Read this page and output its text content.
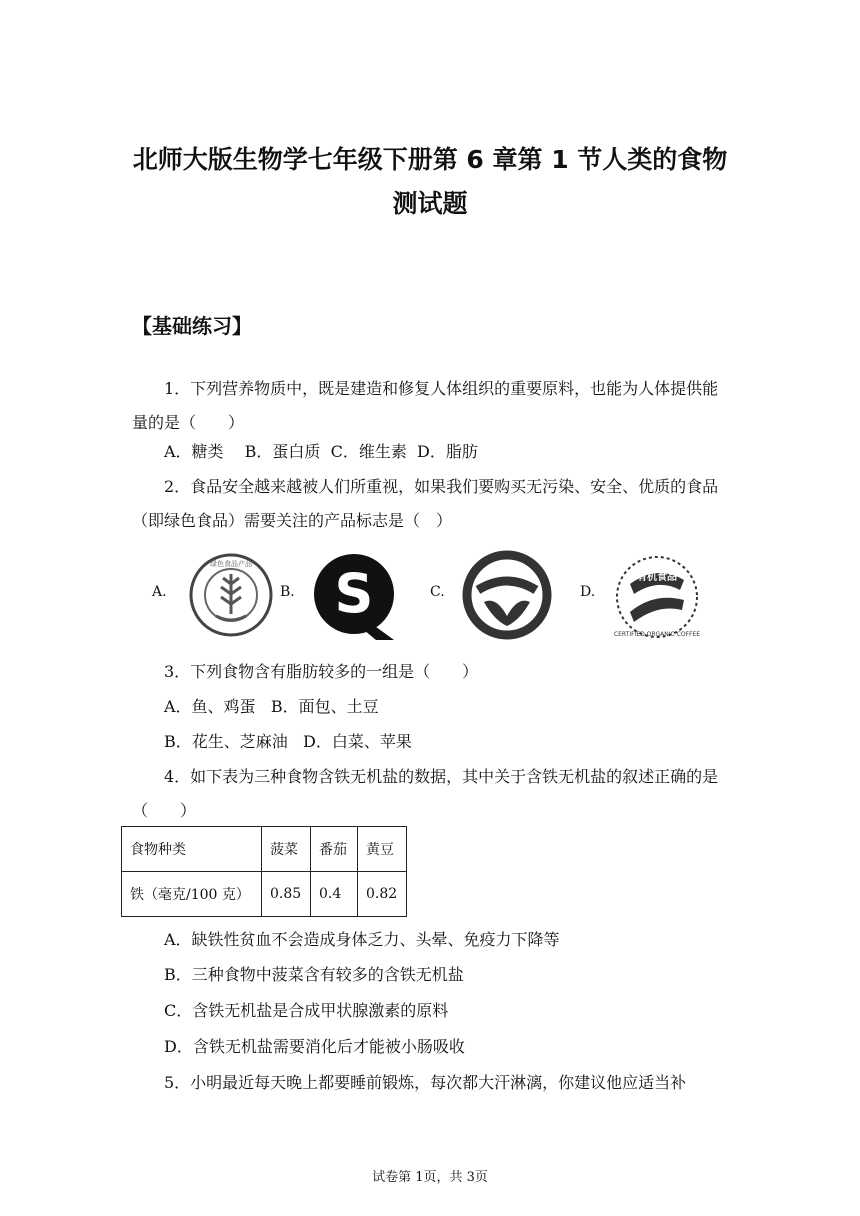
北师大版生物学七年级下册第 6 章第 1 节人类的食物
测试题
【基础练习】
1．下列营养物质中，既是建造和修复人体组织的重要原料，也能为人体提供能量的是（　　）
A．糖类　 B．蛋白质  C．维生素  D．脂肪
2．食品安全越来越被人们所重视，如果我们要购买无污染、安全、优质的食品（即绿色食品）需要关注的产品标志是（　）
A.
绿色食品产品
B. S	C.	D.
有机食品
CERTIFIED ORGANIC COFFEE
3．下列食物含有脂肪较多的一组是（　　）
A．鱼、鸡蛋   B．面包、土豆
B．花生、芝麻油   D．白菜、苹果
4．如下表为三种食物含铁无机盐的数据，其中关于含铁无机盐的叙述正确的是（　　）
食物种类	菠菜	番茄	黄豆
铁（毫克/100 克）	0.85	0.4	0.82
A．缺铁性贫血不会造成身体乏力、头晕、免疫力下降等
B．三种食物中菠菜含有较多的含铁无机盐
C．含铁无机盐是合成甲状腺激素的原料
D．含铁无机盐需要消化后才能被小肠吸收
5．小明最近每天晚上都要睡前锻炼，每次都大汗淋漓，你建议他应适当补
试卷第 1页，共 3页
